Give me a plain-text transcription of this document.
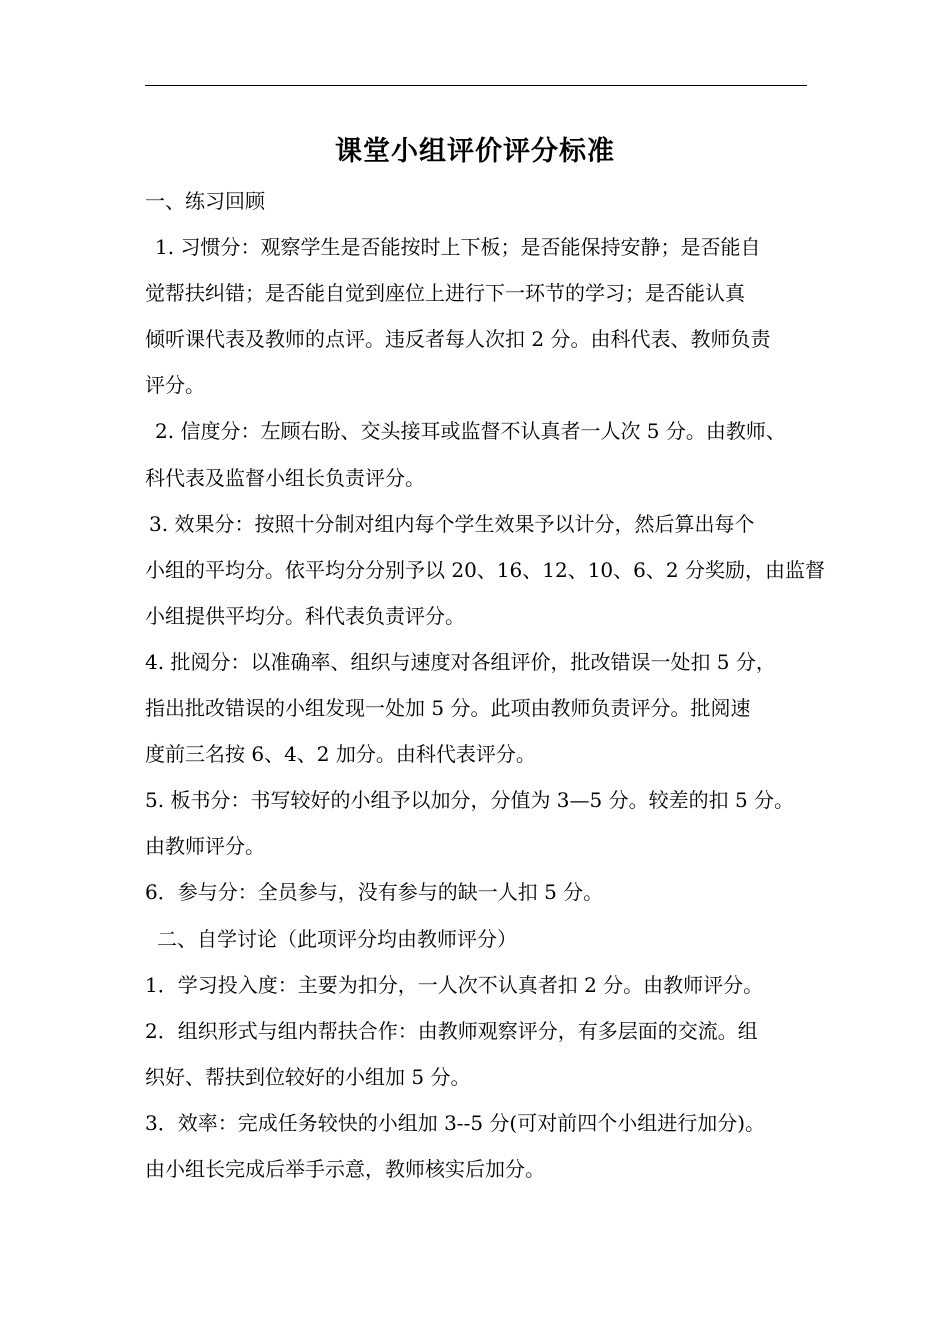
课堂小组评价评分标准
一、练习回顾
1. 习惯分：观察学生是否能按时上下板；是否能保持安静；是否能自
觉帮扶纠错；是否能自觉到座位上进行下一环节的学习；是否能认真
倾听课代表及教师的点评。违反者每人次扣 2 分。由科代表、教师负责
评分。
2. 信度分：左顾右盼、交头接耳或监督不认真者一人次 5 分。由教师、
科代表及监督小组长负责评分。
3. 效果分：按照十分制对组内每个学生效果予以计分，然后算出每个
小组的平均分。依平均分分别予以 20、16、12、10、6、2 分奖励，由监督
小组提供平均分。科代表负责评分。
4. 批阅分：以准确率、组织与速度对各组评价，批改错误一处扣 5 分，
指出批改错误的小组发现一处加 5 分。此项由教师负责评分。批阅速
度前三名按 6、4、2 加分。由科代表评分。
5. 板书分：书写较好的小组予以加分，分值为 3—5 分。较差的扣 5 分。
由教师评分。
6．参与分：全员参与，没有参与的缺一人扣 5 分。
二、自学讨论（此项评分均由教师评分）
1．学习投入度：主要为扣分，一人次不认真者扣 2 分。由教师评分。
2．组织形式与组内帮扶合作：由教师观察评分，有多层面的交流。组
织好、帮扶到位较好的小组加 5 分。
3．效率：完成任务较快的小组加 3--5 分(可对前四个小组进行加分)。
由小组长完成后举手示意，教师核实后加分。
